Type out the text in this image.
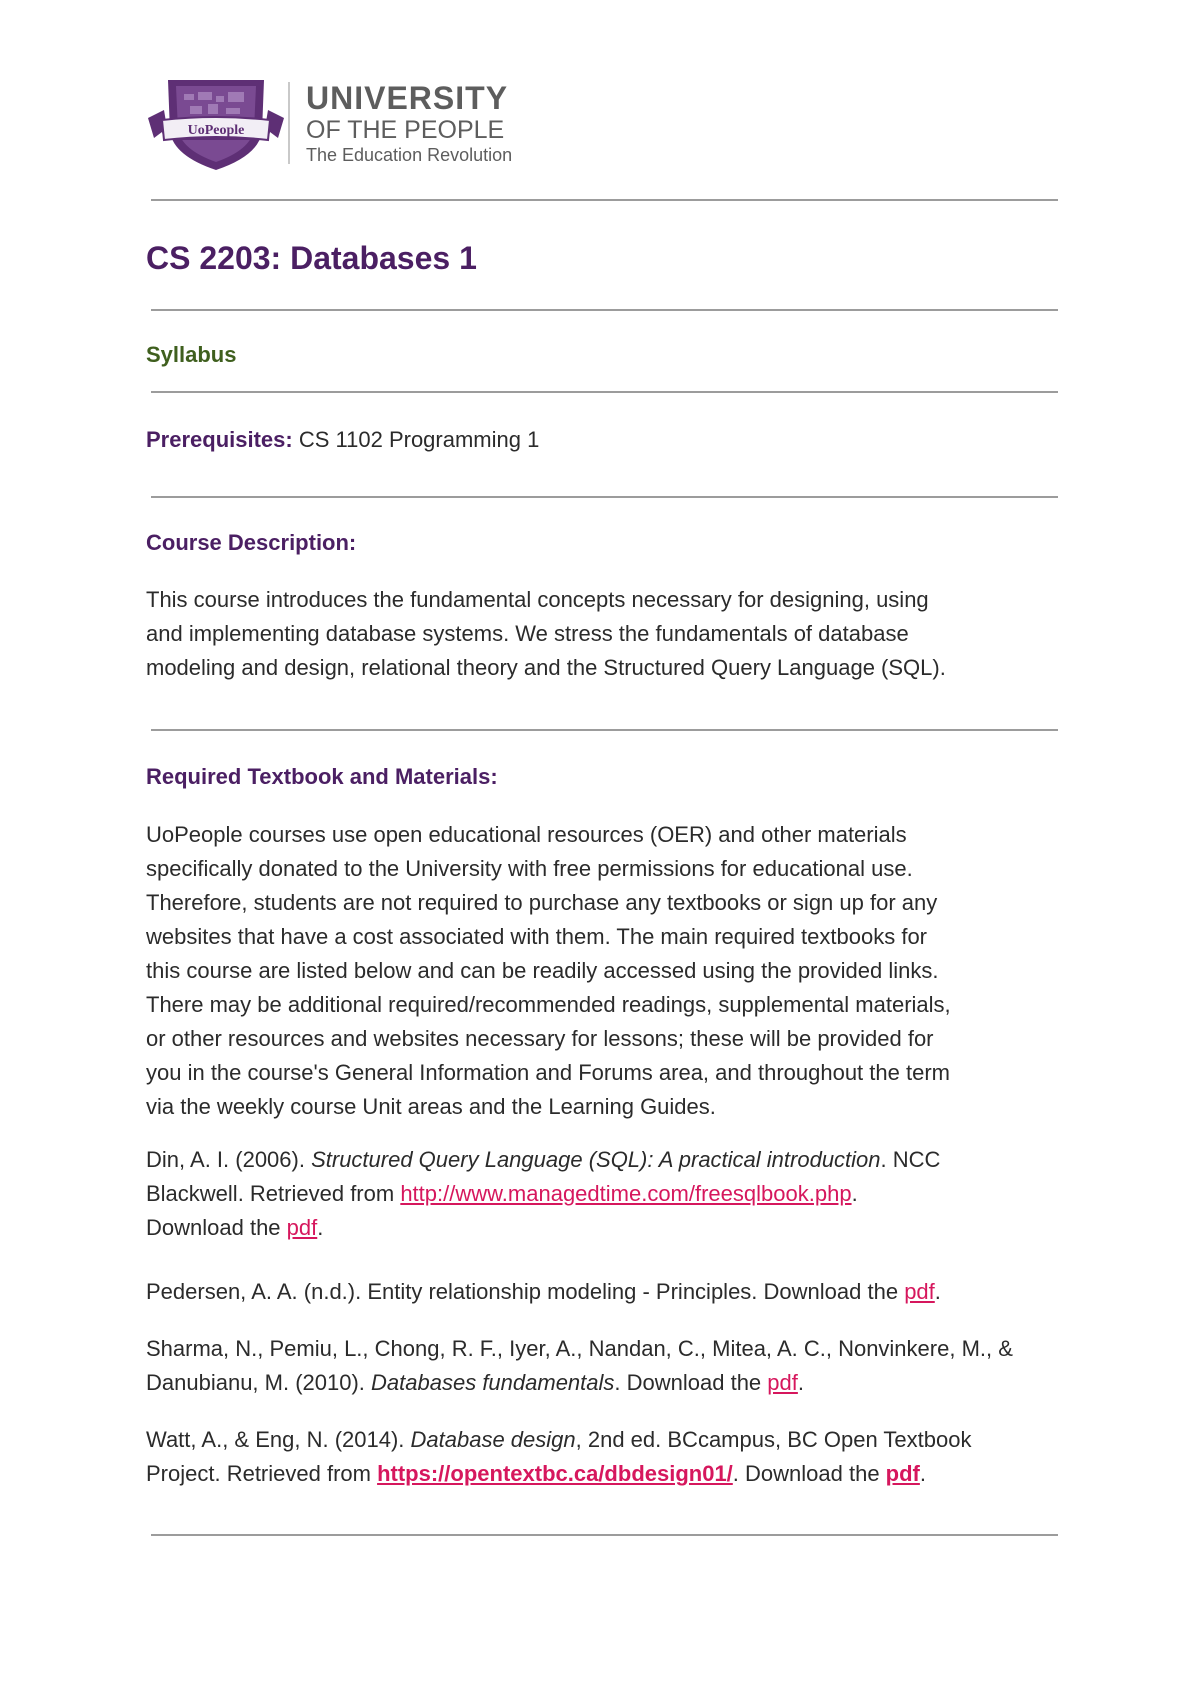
UoPeople
UNIVERSITY
OF THE PEOPLE
The Education Revolution
CS 2203: Databases 1
Syllabus
Prerequisites: CS 1102 Programming 1
Course Description:
This course introduces the fundamental concepts necessary for designing, using
and implementing database systems. We stress the fundamentals of database
modeling and design, relational theory and the Structured Query Language (SQL).
Required Textbook and Materials:
UoPeople courses use open educational resources (OER) and other materials
specifically donated to the University with free permissions for educational use.
Therefore, students are not required to purchase any textbooks or sign up for any
websites that have a cost associated with them. The main required textbooks for
this course are listed below and can be readily accessed using the provided links.
There may be additional required/recommended readings, supplemental materials,
or other resources and websites necessary for lessons; these will be provided for
you in the course's General Information and Forums area, and throughout the term
via the weekly course Unit areas and the Learning Guides.
Din, A. I. (2006). Structured Query Language (SQL): A practical introduction. NCC
Blackwell. Retrieved from http://www.managedtime.com/freesqlbook.php.
Download the pdf.
Pedersen, A. A. (n.d.). Entity relationship modeling - Principles. Download the pdf.
Sharma, N., Pemiu, L., Chong, R. F., Iyer, A., Nandan, C., Mitea, A. C., Nonvinkere, M., &
Danubianu, M. (2010). Databases fundamentals. Download the pdf.
Watt, A., & Eng, N. (2014). Database design, 2nd ed. BCcampus, BC Open Textbook
Project. Retrieved from https://opentextbc.ca/dbdesign01/. Download the pdf.
